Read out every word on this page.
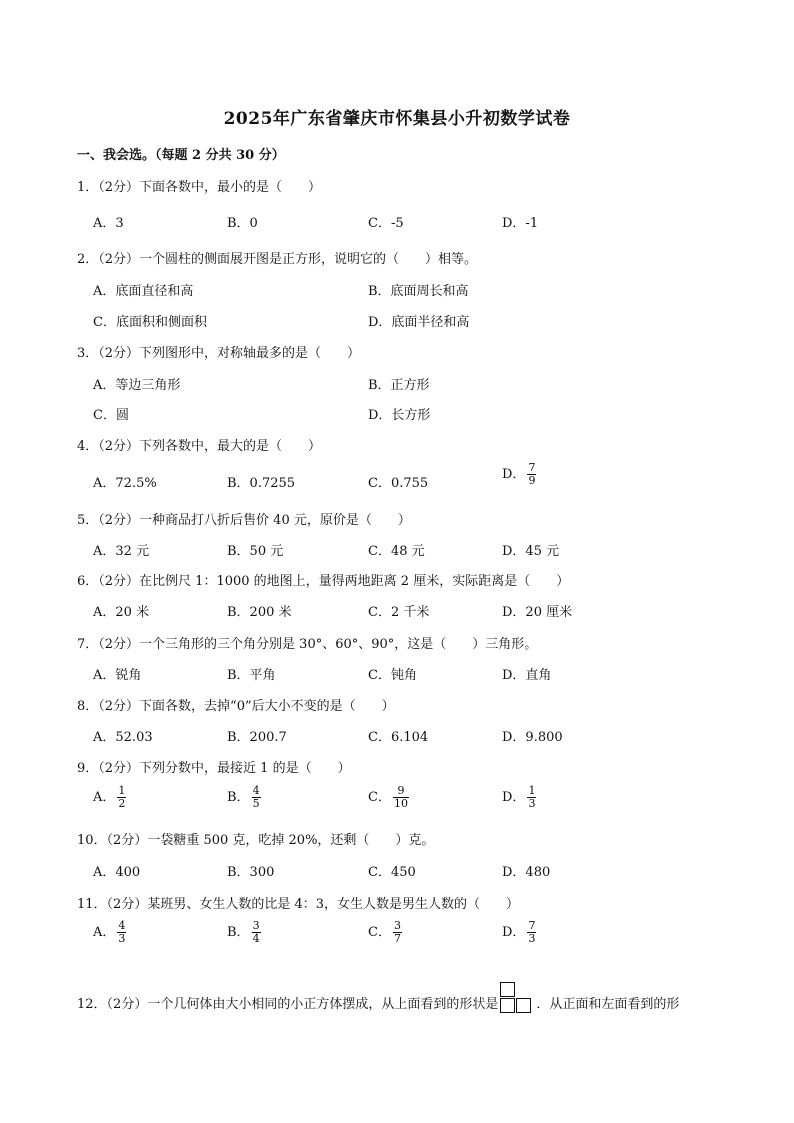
2025年广东省肇庆市怀集县小升初数学试卷
一、我会选。（每题 2 分共 30 分）
1．（2分）下面各数中，最小的是（　　）
A．3	B．0	C．-5	D．-1
2．（2分）一个圆柱的侧面展开图是正方形，说明它的（　　）相等。
A．底面直径和高	B．底面周长和高
C．底面积和侧面积	D．底面半径和高
3．（2分）下列图形中，对称轴最多的是（　　）
A．等边三角形	B．正方形
C．圆	D．长方形
4．（2分）下列各数中，最大的是（　　）
A．72.5%	B．0.7255	C．0.755
D． $\frac{7}{9}$
5．（2分）一种商品打八折后售价 40 元，原价是（　　）
A．32 元	B．50 元	C．48 元	D．45 元
6．（2分）在比例尺 1：1000 的地图上，量得两地距离 2 厘米，实际距离是（　　）
A．20 米	B．200 米	C．2 千米	D．20 厘米
7．（2分）一个三角形的三个角分别是 30°、60°、90°，这是（　　）三角形。
A．锐角	B．平角	C．钝角	D．直角
8．（2分）下面各数，去掉“0”后大小不变的是（　　）
A．52.03	B．200.7	C．6.104	D．9.800
9．（2分）下列分数中，最接近 1 的是（　　）
A． $\frac{1}{2}$	B． $\frac{4}{5}$	C． $\frac{9}{10}$	D． $\frac{1}{3}$
10．（2分）一袋糖重 500 克，吃掉 20%，还剩（　　）克。
A．400	B．300	C．450	D．480
11．（2分）某班男、女生人数的比是 4：3，女生人数是男生人数的（　　）
A． $\frac{4}{3}$	B． $\frac{3}{4}$	C． $\frac{3}{7}$	D． $\frac{7}{3}$
12．（2分）一个几何体由大小相同的小正方体摆成，从上面看到的形状是	．从正面和左面看到的形
